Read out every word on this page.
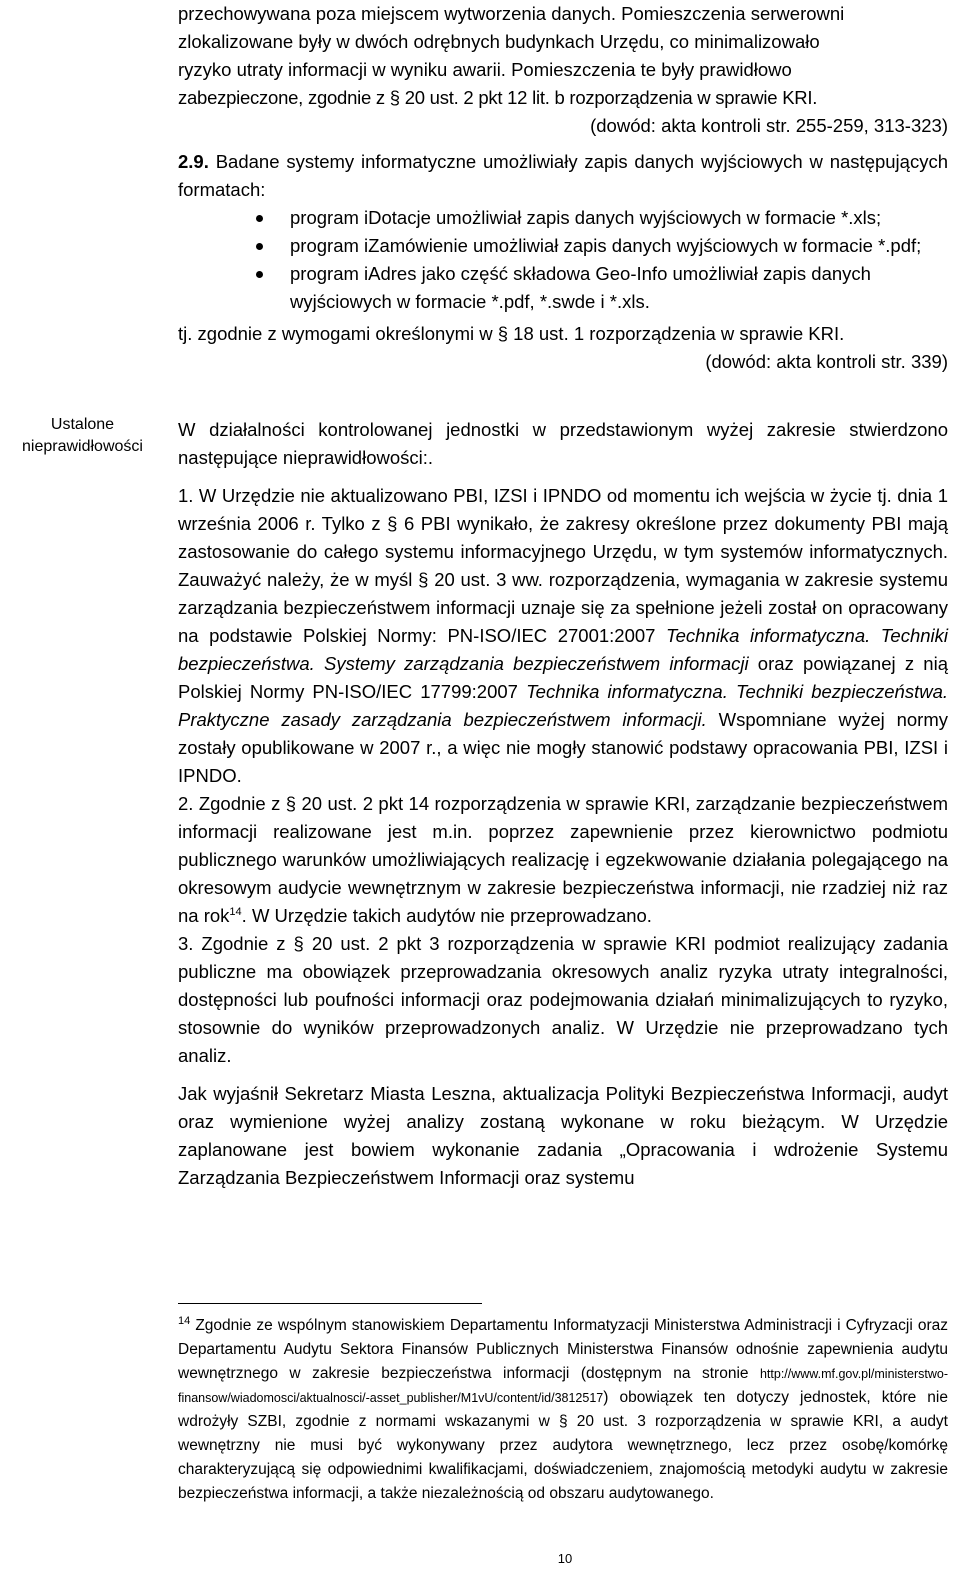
Ustalone
nieprawidłowości

przechowywana poza miejscem wytworzenia danych. Pomieszczenia serwerowni

zlokalizowane były w dwóch odrębnych budynkach Urzędu, co minimalizowało

ryzyko utraty informacji w wyniku awarii. Pomieszczenia te były prawidłowo

zabezpieczone, zgodnie z § 20 ust. 2 pkt 12 lit. b rozporządzenia w sprawie KRI.

(dowód: akta kontroli str. 255-259, 313-323)

2.9. Badane systemy informatyczne umożliwiały zapis danych wyjściowych w następujących formatach:

program iDotacje umożliwiał zapis danych wyjściowych w formacie *.xls;
program iZamówienie umożliwiał zapis danych wyjściowych w formacie *.pdf;
program iAdres jako część składowa Geo-Info umożliwiał zapis danych wyjściowych w formacie *.pdf, *.swde i *.xls.

tj. zgodnie z wymogami określonymi w § 18 ust. 1 rozporządzenia w sprawie KRI.

(dowód: akta kontroli str. 339)

W działalności kontrolowanej jednostki w przedstawionym wyżej zakresie stwierdzono następujące nieprawidłowości:.

1. W Urzędzie nie aktualizowano PBI, IZSI i IPNDO od momentu ich wejścia w życie tj. dnia 1 września 2006 r. Tylko z § 6 PBI wynikało, że zakresy określone przez dokumenty PBI mają zastosowanie do całego systemu informacyjnego Urzędu, w tym systemów informatycznych. Zauważyć należy, że w myśl § 20 ust. 3 ww. rozporządzenia, wymagania w zakresie systemu zarządzania bezpieczeństwem informacji uznaje się za spełnione jeżeli został on opracowany na podstawie Polskiej Normy: PN-ISO/IEC 27001:2007 Technika informatyczna. Techniki bezpieczeństwa. Systemy zarządzania bezpieczeństwem informacji oraz powiązanej z nią Polskiej Normy PN-ISO/IEC 17799:2007 Technika informatyczna. Techniki bezpieczeństwa. Praktyczne zasady zarządzania bezpieczeństwem informacji. Wspomniane wyżej normy zostały opublikowane w 2007 r., a więc nie mogły stanowić podstawy opracowania PBI, IZSI i IPNDO.

2. Zgodnie z § 20 ust. 2 pkt 14 rozporządzenia w sprawie KRI, zarządzanie bezpieczeństwem informacji realizowane jest m.in. poprzez zapewnienie przez kierownictwo podmiotu publicznego warunków umożliwiających realizację i egzekwowanie działania polegającego na okresowym audycie wewnętrznym w zakresie bezpieczeństwa informacji, nie rzadziej niż raz na rok$^{14}$. W Urzędzie takich audytów nie przeprowadzano.

3. Zgodnie z § 20 ust. 2 pkt 3 rozporządzenia w sprawie KRI podmiot realizujący zadania publiczne ma obowiązek przeprowadzania okresowych analiz ryzyka utraty integralności, dostępności lub poufności informacji oraz podejmowania działań minimalizujących to ryzyko, stosownie do wyników przeprowadzonych analiz. W Urzędzie nie przeprowadzano tych analiz.

Jak wyjaśnił Sekretarz Miasta Leszna, aktualizacja Polityki Bezpieczeństwa Informacji, audyt oraz wymienione wyżej analizy zostaną wykonane w roku bieżącym. W Urzędzie zaplanowane jest bowiem wykonanie zadania „Opracowania i wdrożenie Systemu Zarządzania Bezpieczeństwem Informacji oraz systemu

$^{14}$ Zgodnie ze wspólnym stanowiskiem Departamentu Informatyzacji Ministerstwa Administracji i Cyfryzacji oraz Departamentu Audytu Sektora Finansów Publicznych Ministerstwa Finansów odnośnie zapewnienia audytu wewnętrznego w zakresie bezpieczeństwa informacji (dostępnym na stronie http://www.mf.gov.pl/ministerstwo-finansow/wiadomosci/aktualnosci/-asset_publisher/M1vU/content/id/3812517) obowiązek ten dotyczy jednostek, które nie wdrożyły SZBI, zgodnie z normami wskazanymi w § 20 ust. 3 rozporządzenia w sprawie KRI, a audyt wewnętrzny nie musi być wykonywany przez audytora wewnętrznego, lecz przez osobę/komórkę charakteryzującą się odpowiednimi kwalifikacjami, doświadczeniem, znajomością metodyki audytu w zakresie bezpieczeństwa informacji, a także niezależnością od obszaru audytowanego.

10
